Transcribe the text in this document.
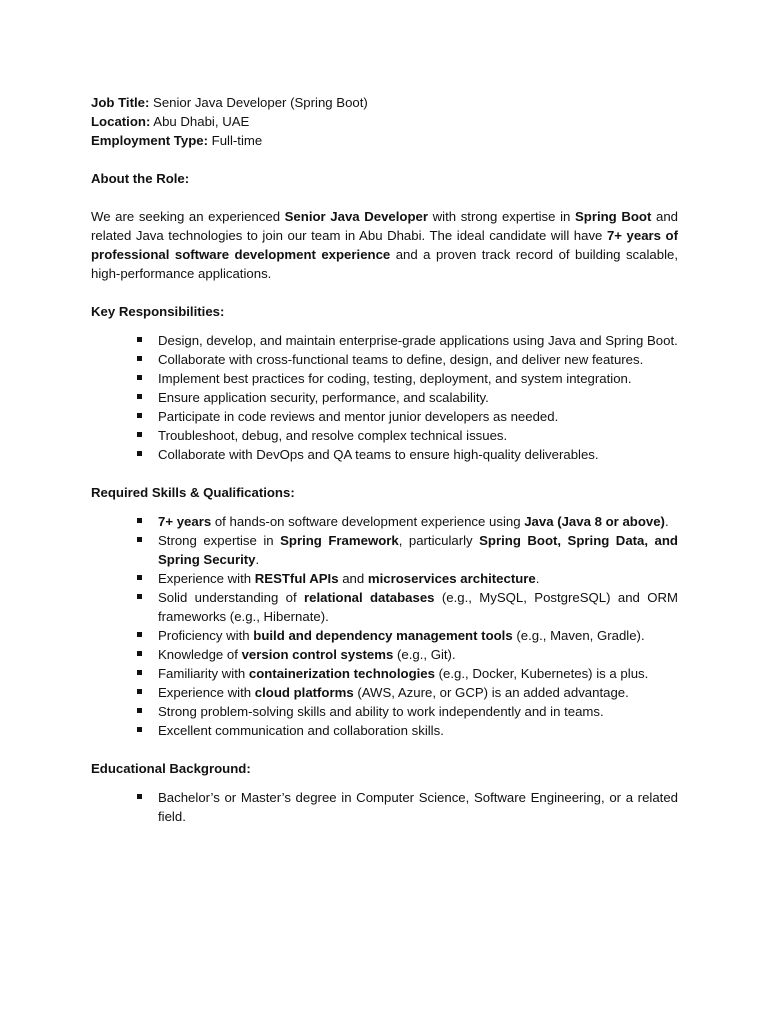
Job Title: Senior Java Developer (Spring Boot)

Location: Abu Dhabi, UAE

Employment Type: Full-time

About the Role:

We are seeking an experienced Senior Java Developer with strong expertise in Spring Boot and related Java technologies to join our team in Abu Dhabi. The ideal candidate will have 7+ years of professional software development experience and a proven track record of building scalable, high-performance applications.

Key Responsibilities:

Design, develop, and maintain enterprise-grade applications using Java and Spring Boot.
Collaborate with cross-functional teams to define, design, and deliver new features.
Implement best practices for coding, testing, deployment, and system integration.
Ensure application security, performance, and scalability.
Participate in code reviews and mentor junior developers as needed.
Troubleshoot, debug, and resolve complex technical issues.
Collaborate with DevOps and QA teams to ensure high-quality deliverables.

Required Skills & Qualifications:

7+ years of hands-on software development experience using Java (Java 8 or above).
Strong expertise in Spring Framework, particularly Spring Boot, Spring Data, and Spring Security.
Experience with RESTful APIs and microservices architecture.
Solid understanding of relational databases (e.g., MySQL, PostgreSQL) and ORM frameworks (e.g., Hibernate).
Proficiency with build and dependency management tools (e.g., Maven, Gradle).
Knowledge of version control systems (e.g., Git).
Familiarity with containerization technologies (e.g., Docker, Kubernetes) is a plus.
Experience with cloud platforms (AWS, Azure, or GCP) is an added advantage.
Strong problem-solving skills and ability to work independently and in teams.
Excellent communication and collaboration skills.

Educational Background:

Bachelor’s or Master’s degree in Computer Science, Software Engineering, or a related field.
